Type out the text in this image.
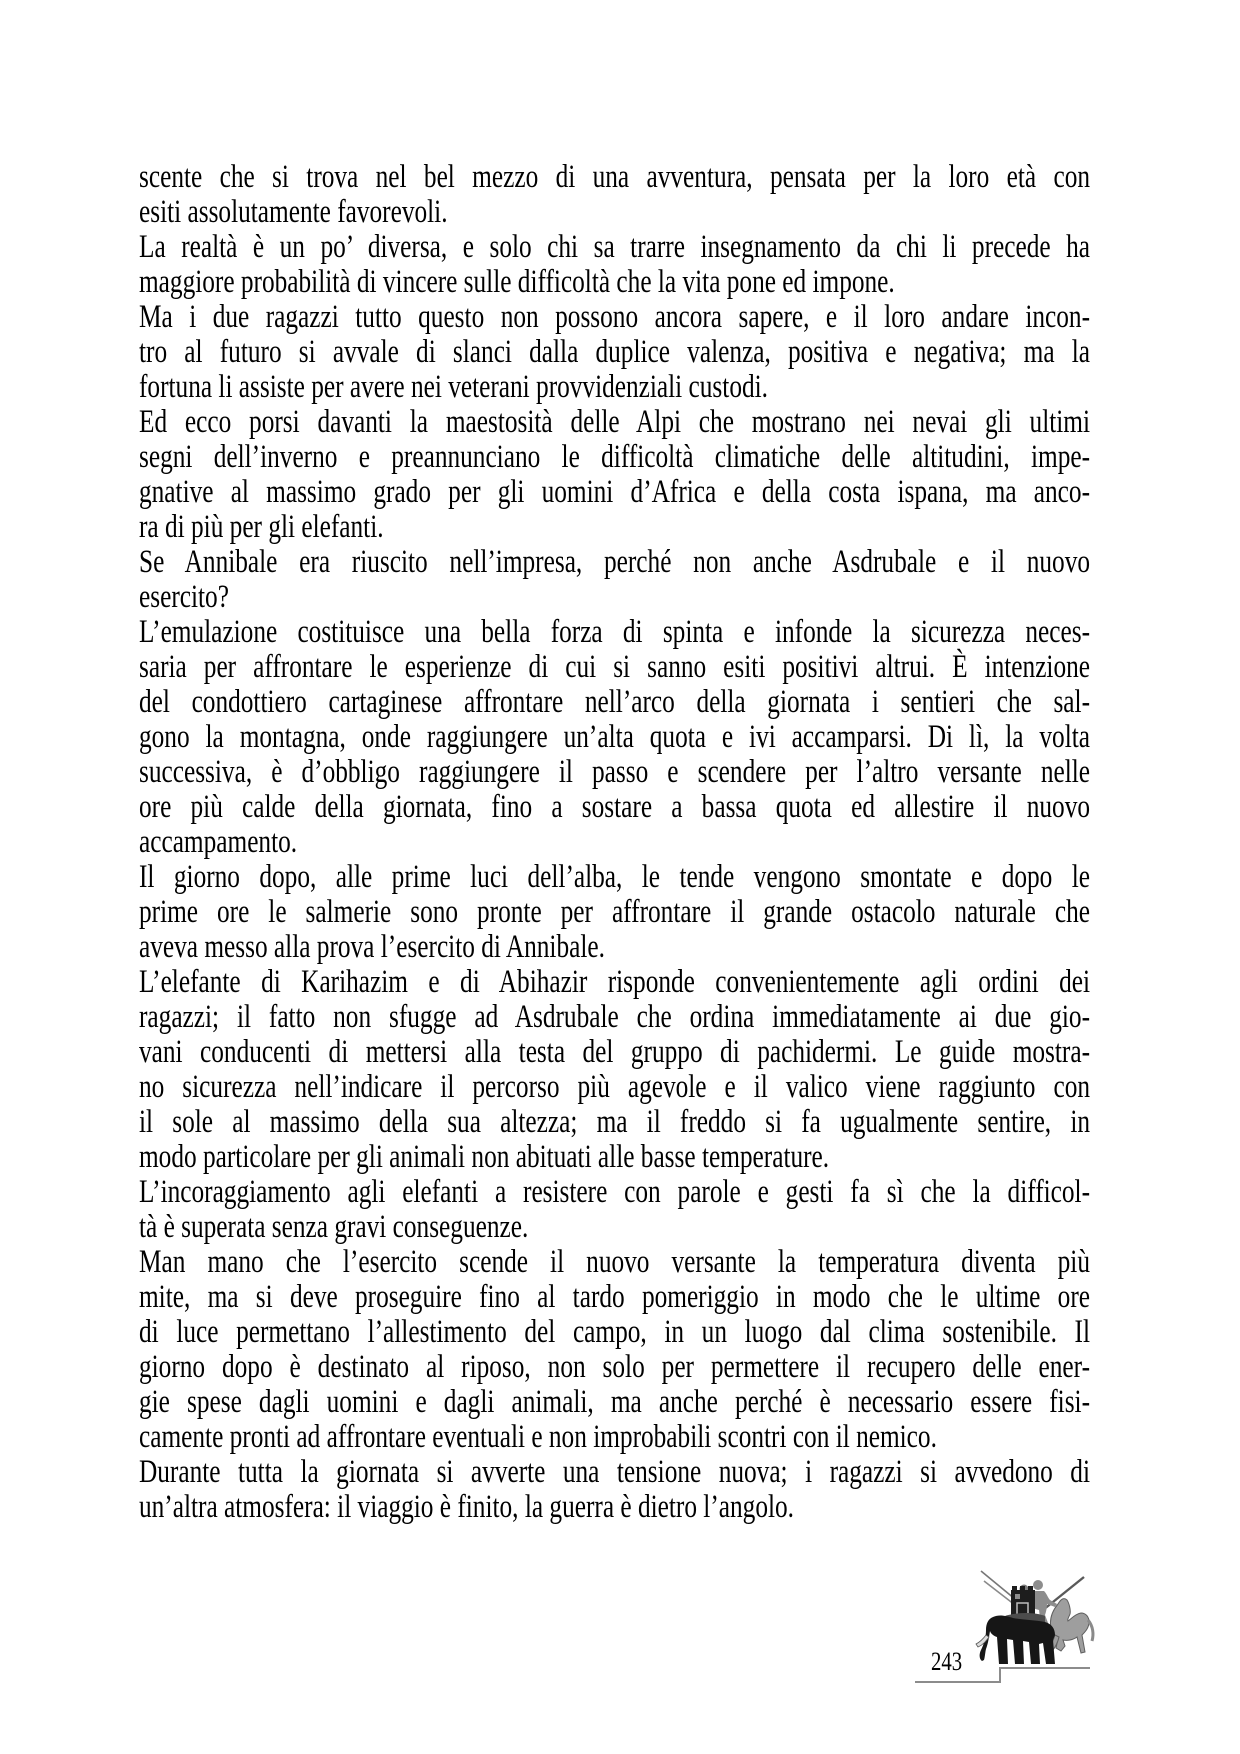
scente che si trova nel bel mezzo di una avventura, pensata per la loro età con
esiti assolutamente favorevoli.
La realtà è un po’ diversa, e solo chi sa trarre insegnamento da chi li precede ha
maggiore probabilità di vincere sulle difficoltà che la vita pone ed impone.
Ma i due ragazzi tutto questo non possono ancora sapere, e il loro andare incon-
tro al futuro si avvale di slanci dalla duplice valenza, positiva e negativa; ma la
fortuna li assiste per avere nei veterani provvidenziali custodi.
Ed ecco porsi davanti la maestosità delle Alpi che mostrano nei nevai gli ultimi
segni dell’inverno e preannunciano le difficoltà climatiche delle altitudini, impe-
gnative al massimo grado per gli uomini d’Africa e della costa ispana, ma anco-
ra di più per gli elefanti.
Se Annibale era riuscito nell’impresa, perché non anche Asdrubale e il nuovo
esercito?
L’emulazione costituisce una bella forza di spinta e infonde la sicurezza neces-
saria per affrontare le esperienze di cui si sanno esiti positivi altrui. È intenzione
del condottiero cartaginese affrontare nell’arco della giornata i sentieri che sal-
gono la montagna, onde raggiungere un’alta quota e ivi accamparsi. Di lì, la volta
successiva, è d’obbligo raggiungere il passo e scendere per l’altro versante nelle
ore più calde della giornata, fino a sostare a bassa quota ed allestire il nuovo
accampamento.
Il giorno dopo, alle prime luci dell’alba, le tende vengono smontate e dopo le
prime ore le salmerie sono pronte per affrontare il grande ostacolo naturale che
aveva messo alla prova l’esercito di Annibale.
L’elefante di Karihazim e di Abihazir risponde convenientemente agli ordini dei
ragazzi; il fatto non sfugge ad Asdrubale che ordina immediatamente ai due gio-
vani conducenti di mettersi alla testa del gruppo di pachidermi. Le guide mostra-
no sicurezza nell’indicare il percorso più agevole e il valico viene raggiunto con
il sole al massimo della sua altezza; ma il freddo si fa ugualmente sentire, in
modo particolare per gli animali non abituati alle basse temperature.
L’incoraggiamento agli elefanti a resistere con parole e gesti fa sì che la difficol-
tà è superata senza gravi conseguenze.
Man mano che l’esercito scende il nuovo versante la temperatura diventa più
mite, ma si deve proseguire fino al tardo pomeriggio in modo che le ultime ore
di luce permettano l’allestimento del campo, in un luogo dal clima sostenibile. Il
giorno dopo è destinato al riposo, non solo per permettere il recupero delle ener-
gie spese dagli uomini e dagli animali, ma anche perché è necessario essere fisi-
camente pronti ad affrontare eventuali e non improbabili scontri con il nemico.
Durante tutta la giornata si avverte una tensione nuova; i ragazzi si avvedono di
un’altra atmosfera: il viaggio è finito, la guerra è dietro l’angolo.
243
